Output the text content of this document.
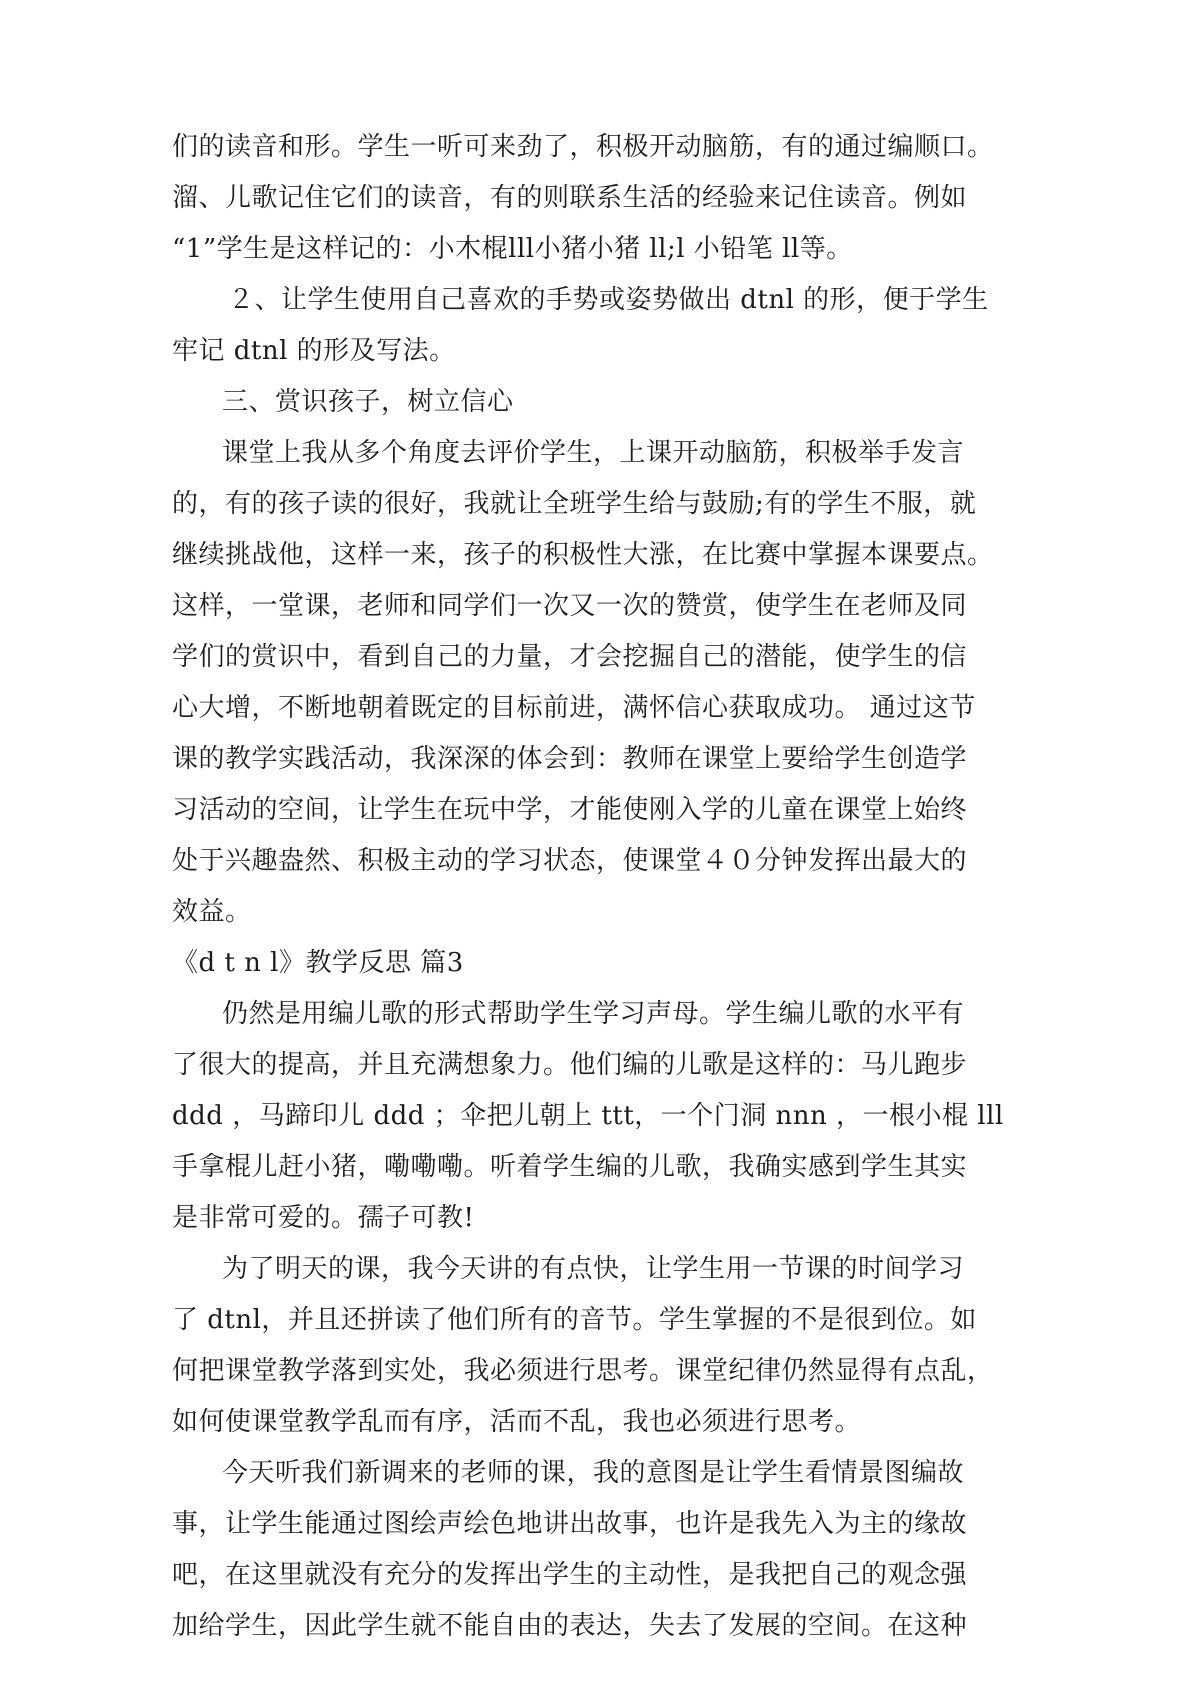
们的读音和形。学生一听可来劲了，积极开动脑筋，有的通过编顺口。
溜、儿歌记住它们的读音，有的则联系生活的经验来记住读音。例如
“1”学生是这样记的：小木棍lll小猪小猪 ll;l 小铅笔 ll等。
２、让学生使用自己喜欢的手势或姿势做出 dtnl 的形，便于学生
牢记 dtnl 的形及写法。
三、赏识孩子，树立信心
课堂上我从多个角度去评价学生，上课开动脑筋，积极举手发言
的，有的孩子读的很好，我就让全班学生给与鼓励;有的学生不服，就
继续挑战他，这样一来，孩子的积极性大涨，在比赛中掌握本课要点。
这样，一堂课，老师和同学们一次又一次的赞赏，使学生在老师及同
学们的赏识中，看到自己的力量，才会挖掘自己的潜能，使学生的信
心大增，不断地朝着既定的目标前进，满怀信心获取成功。 通过这节
课的教学实践活动，我深深的体会到：教师在课堂上要给学生创造学
习活动的空间，让学生在玩中学，才能使刚入学的儿童在课堂上始终
处于兴趣盎然、积极主动的学习状态，使课堂４０分钟发挥出最大的
效益。
《d t n l》教学反思 篇3
仍然是用编儿歌的形式帮助学生学习声母。学生编儿歌的水平有
了很大的提高，并且充满想象力。他们编的儿歌是这样的：马儿跑步
ddd ，马蹄印儿 ddd ；伞把儿朝上 ttt，一个门洞 nnn ，一根小棍 lll
手拿棍儿赶小猪，嘞嘞嘞。听着学生编的儿歌，我确实感到学生其实
是非常可爱的。孺子可教!
为了明天的课，我今天讲的有点快，让学生用一节课的时间学习
了 dtnl，并且还拼读了他们所有的音节。学生掌握的不是很到位。如
何把课堂教学落到实处，我必须进行思考。课堂纪律仍然显得有点乱，
如何使课堂教学乱而有序，活而不乱，我也必须进行思考。
今天听我们新调来的老师的课，我的意图是让学生看情景图编故
事，让学生能通过图绘声绘色地讲出故事，也许是我先入为主的缘故
吧，在这里就没有充分的发挥出学生的主动性，是我把自己的观念强
加给学生，因此学生就不能自由的表达，失去了发展的空间。在这种
